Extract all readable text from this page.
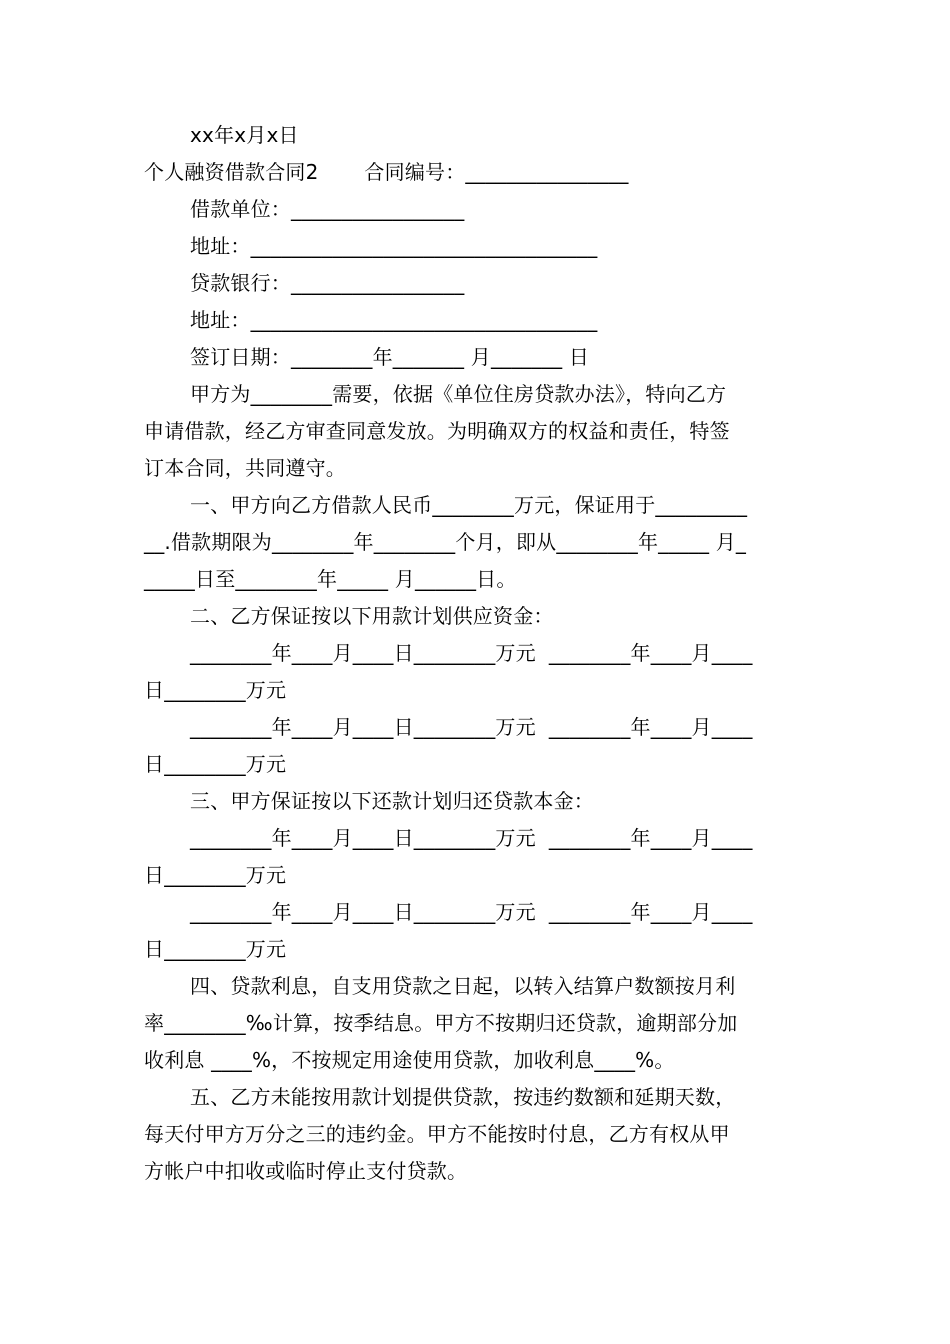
xx年x月x日
个人融资借款合同2       合同编号：________________
借款单位：_________________
地址：__________________________________
贷款银行：_________________
地址：__________________________________
签订日期：________年_______ 月_______ 日
甲方为________需要，依据《单位住房贷款办法》，特向乙方
申请借款，经乙方审查同意发放。为明确双方的权益和责任，特签
订本合同，共同遵守。
一、甲方向乙方借款人民币________万元，保证用于_________
__.借款期限为________年________个月，即从________年_____ 月_
_____日至________年_____ 月______日。
二、乙方保证按以下用款计划供应资金：
________年____月____日________万元  ________年____月____
日________万元
________年____月____日________万元  ________年____月____
日________万元
三、甲方保证按以下还款计划归还贷款本金：
________年____月____日________万元  ________年____月____
日________万元
________年____月____日________万元  ________年____月____
日________万元
四、贷款利息，自支用贷款之日起，以转入结算户数额按月利
率________‰计算，按季结息。甲方不按期归还贷款，逾期部分加
收利息 ____%，不按规定用途使用贷款，加收利息____%。
五、乙方未能按用款计划提供贷款，按违约数额和延期天数，
每天付甲方万分之三的违约金。甲方不能按时付息，乙方有权从甲
方帐户中扣收或临时停止支付贷款。
